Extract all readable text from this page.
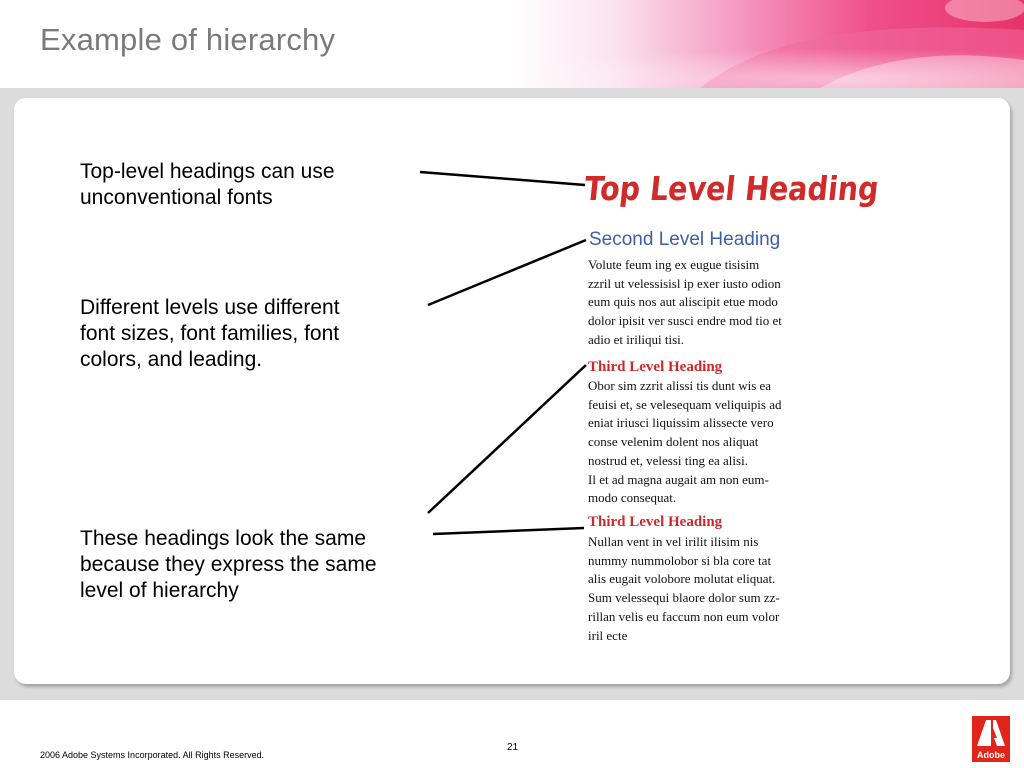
Example of hierarchy
Top-level headings can use
unconventional fonts
Different levels use different
font sizes, font families, font
colors, and leading.
These headings look the same
because they express the same
level of hierarchy
Top Level Heading
Second Level Heading
Volute feum ing ex eugue tisisim
zzril ut velessisisl ip exer iusto odion
eum quis nos aut aliscipit etue modo
dolor ipisit ver susci endre mod tio et
adio et iriliqui tisi.
Third Level Heading
Obor sim zzrit alissi tis dunt wis ea
feuisi et, se velesequam veliquipis ad
eniat iriusci liquissim alissecte vero
conse velenim dolent nos aliquat
nostrud et, velessi ting ea alisi.
Il et ad magna augait am non eum-
modo consequat.
Third Level Heading
Nullan vent in vel irilit ilisim nis
nummy nummolobor si bla core tat
alis eugait volobore molutat eliquat.
Sum velessequi blaore dolor sum zz-
rillan velis eu faccum non eum volor
iril ecte
21
2006 Adobe Systems Incorporated. All Rights Reserved.	Adobe
